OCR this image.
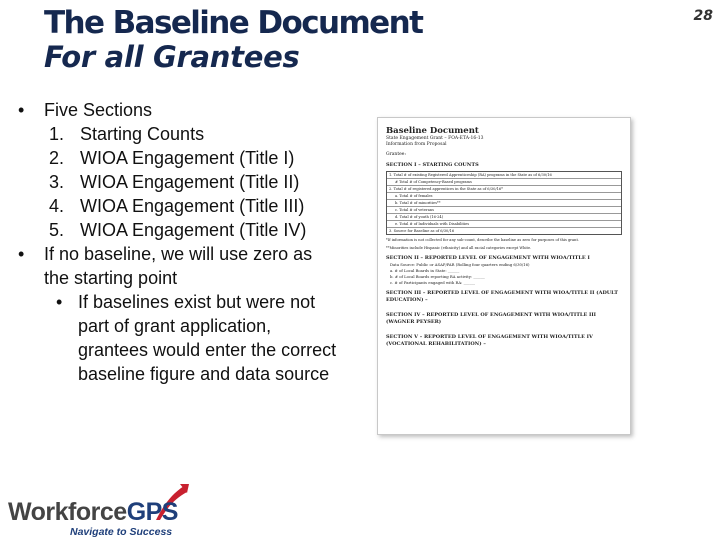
The Baseline Document
For all Grantees
28
• Five Sections
1. Starting Counts
2. WIOA Engagement (Title I)
3. WIOA Engagement (Title II)
4. WIOA Engagement (Title III)
5. WIOA Engagement (Title IV)
• If no baseline, we will use zero as the starting point
• If baselines exist but were not part of grant application, grantees would enter the correct baseline figure and data source
Baseline Document
State Engagement Grant – FOA-ETA-16-13
Information from Proposal
Grantee:
SECTION I – STARTING COUNTS
1. Total # of existing Registered Apprenticeship (RA) programs in the State as of 6/30/16
# Total # of Competency-Based programs
2. Total # of registered apprentices in the State as of 6/30/16*
a. Total # of females
b. Total # of minorities**
c. Total # of veterans
d. Total # of youth (16-24)
e. Total # of Individuals with Disabilities
3. Source for Baseline as of 6/30/16
*If information is not collected for any sub-count, describe the baseline as zero for purposes of this grant.
**Minorities include Hispanic (ethnicity) and all racial categories except White.
SECTION II – REPORTED LEVEL OF ENGAGEMENT WITH WIOA/TITLE I
Data Source: Public or ASAP/PAR (Rolling four quarters ending 6/30/16)
a. # of Local Boards in State: ______
b. # of Local Boards reporting RA activity: ______
c. # of Participants engaged with RA: ______
SECTION III – REPORTED LEVEL OF ENGAGEMENT WITH WIOA/TITLE II (ADULT EDUCATION) –
SECTION IV – REPORTED LEVEL OF ENGAGEMENT WITH WIOA/TITLE III (WAGNER PEYSER)
SECTION V – REPORTED LEVEL OF ENGAGEMENT WITH WIOA/TITLE IV (VOCATIONAL REHABILITATION) –
WorkforceGPS
Navigate to Success
